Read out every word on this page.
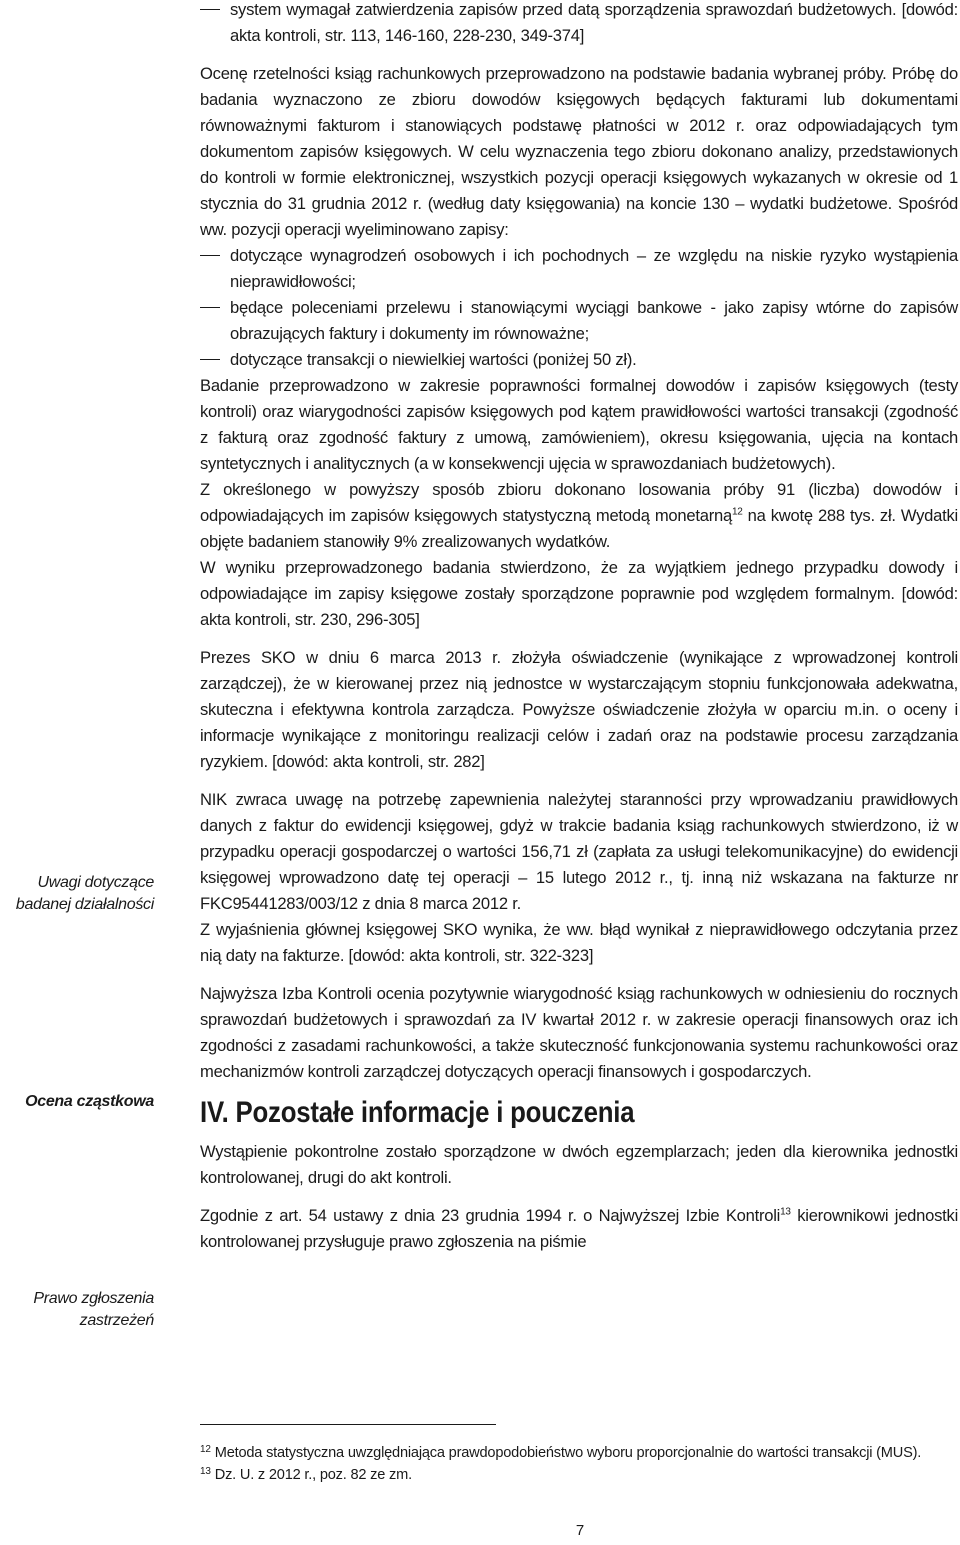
Uwagi dotyczące badanej działalności
Ocena cząstkowa
Prawo zgłoszenia zastrzeżeń
system wymagał zatwierdzenia zapisów przed datą sporządzenia sprawozdań budżetowych. [dowód: akta kontroli, str. 113, 146-160, 228-230, 349-374]

Ocenę rzetelności ksiąg rachunkowych przeprowadzono na podstawie badania wybranej próby. Próbę do badania wyznaczono ze zbioru dowodów księgowych będących fakturami lub dokumentami równoważnymi fakturom i stanowiących podstawę płatności w 2012 r. oraz odpowiadających tym dokumentom zapisów księgowych. W celu wyznaczenia tego zbioru dokonano analizy, przedstawionych do kontroli w formie elektronicznej, wszystkich pozycji operacji księgowych wykazanych w okresie od 1 stycznia do 31 grudnia 2012 r. (według daty księgowania) na koncie 130 – wydatki budżetowe. Spośród ww. pozycji operacji wyeliminowano zapisy:

dotyczące wynagrodzeń osobowych i ich pochodnych – ze względu na niskie ryzyko wystąpienia nieprawidłowości;
będące poleceniami przelewu i stanowiącymi wyciągi bankowe - jako zapisy wtórne do zapisów obrazujących faktury i dokumenty im równoważne;
dotyczące transakcji o niewielkiej wartości (poniżej 50 zł).

Badanie przeprowadzono w zakresie poprawności formalnej dowodów i zapisów księgowych (testy kontroli) oraz wiarygodności zapisów księgowych pod kątem prawidłowości wartości transakcji (zgodność z fakturą oraz zgodność faktury z umową, zamówieniem), okresu księgowania, ujęcia na kontach syntetycznych i analitycznych (a w konsekwencji ujęcia w sprawozdaniach budżetowych).

Z określonego w powyższy sposób zbioru dokonano losowania próby 91 (liczba) dowodów i odpowiadających im zapisów księgowych statystyczną metodą monetarną$^{12}$ na kwotę 288 tys. zł. Wydatki objęte badaniem stanowiły 9% zrealizowanych wydatków.

W wyniku przeprowadzonego badania stwierdzono, że za wyjątkiem jednego przypadku dowody i odpowiadające im zapisy księgowe zostały sporządzone poprawnie pod względem formalnym. [dowód: akta kontroli, str. 230, 296-305]

Prezes SKO w dniu 6 marca 2013 r. złożyła oświadczenie (wynikające z wprowadzonej kontroli zarządczej), że w kierowanej przez nią jednostce w wystarczającym stopniu funkcjonowała adekwatna, skuteczna i efektywna kontrola zarządcza. Powyższe oświadczenie złożyła w oparciu m.in. o oceny i informacje wynikające z monitoringu realizacji celów i zadań oraz na podstawie procesu zarządzania ryzykiem. [dowód: akta kontroli, str. 282]

NIK zwraca uwagę na potrzebę zapewnienia należytej staranności przy wprowadzaniu prawidłowych danych z faktur do ewidencji księgowej, gdyż w trakcie badania ksiąg rachunkowych stwierdzono, iż w przypadku operacji gospodarczej o wartości 156,71 zł (zapłata za usługi telekomunikacyjne) do ewidencji księgowej wprowadzono datę tej operacji – 15 lutego 2012 r., tj. inną niż wskazana na fakturze nr FKC95441283/003/12 z dnia 8 marca 2012 r.

Z wyjaśnienia głównej księgowej SKO wynika, że ww. błąd wynikał z nieprawidłowego odczytania przez nią daty na fakturze. [dowód: akta kontroli, str. 322-323]

Najwyższa Izba Kontroli ocenia pozytywnie wiarygodność ksiąg rachunkowych w odniesieniu do rocznych sprawozdań budżetowych i sprawozdań za IV kwartał 2012 r. w zakresie operacji finansowych oraz ich zgodności z zasadami rachunkowości, a także skuteczność funkcjonowania systemu rachunkowości oraz mechanizmów kontroli zarządczej dotyczących operacji finansowych i gospodarczych.

IV. Pozostałe informacje i pouczenia

Wystąpienie pokontrolne zostało sporządzone w dwóch egzemplarzach; jeden dla kierownika jednostki kontrolowanej, drugi do akt kontroli.

Zgodnie z art. 54 ustawy z dnia 23 grudnia 1994 r. o Najwyższej Izbie Kontroli$^{13}$ kierownikowi jednostki kontrolowanej przysługuje prawo zgłoszenia na piśmie

$^{12}$ Metoda statystyczna uwzględniająca prawdopodobieństwo wyboru proporcjonalnie do wartości transakcji (MUS).

$^{13}$ Dz. U. z 2012 r., poz. 82 ze zm.

7
